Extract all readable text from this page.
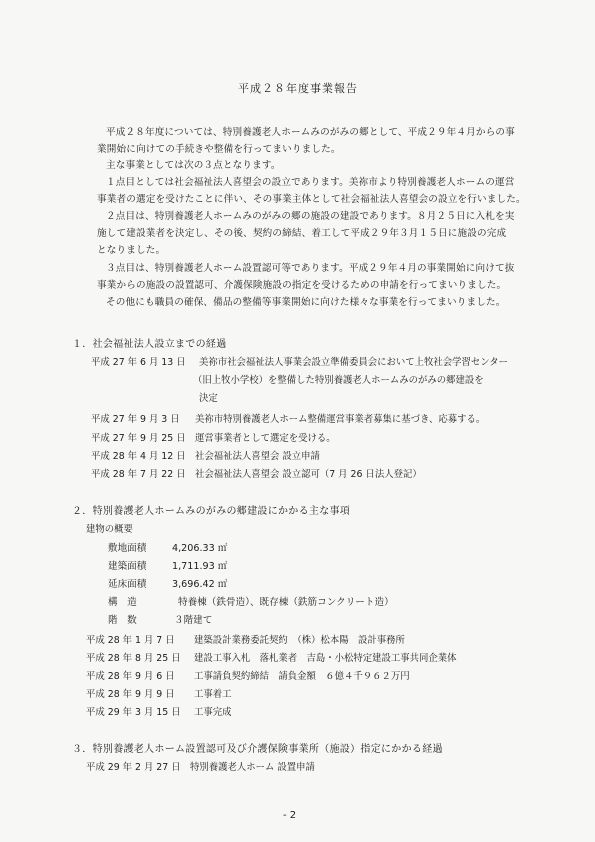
平成２８年度事業報告
平成２８年度については、特別養護老人ホームみのがみの郷として、平成２９年４月からの事
業開始に向けての手続きや整備を行ってまいりました。
主な事業としては次の３点となります。
１点目としては社会福祉法人喜望会の設立であります。美祢市より特別養護老人ホームの運営
事業者の選定を受けたことに伴い、その事業主体として社会福祉法人喜望会の設立を行いました。
２点目は、特別養護老人ホームみのがみの郷の施設の建設であります。８月２５日に入札を実
施して建設業者を決定し、その後、契約の締結、着工して平成２９年３月１５日に施設の完成
となりました。
３点目は、特別養護老人ホーム設置認可等であります。平成２９年４月の事業開始に向けて抜
事業からの施設の設置認可、介護保険施設の指定を受けるための申請を行ってまいりました。
その他にも職員の確保、備品の整備等事業開始に向けた様々な事業を行ってまいりました。
１．社会福祉法人設立までの経過
平成 27 年 6 月 13 日 美祢市社会福祉法人事業会設立準備委員会において上牧社会学習センター
（旧上牧小学校）を整備した特別養護老人ホームみのがみの郷建設を
決定
平成 27 年 9 月 3 日 美祢市特別養護老人ホーム整備運営事業者募集に基づき、応募する。
平成 27 年 9 月 25 日 運営事業者として選定を受ける。
平成 28 年 4 月 12 日 社会福祉法人喜望会 設立申請
平成 28 年 7 月 22 日 社会福祉法人喜望会 設立認可（7 月 26 日法人登記）
２．特別養護老人ホームみのがみの郷建設にかかる主な事項
建物の概要
敷地面積	4,206.33 ㎡
建築面積	1,711.93 ㎡
延床面積	3,696.42 ㎡
構　造	特養棟（鉄骨造）、既存棟（鉄筋コンクリート造）
階　数	３階建て
平成 28 年 1 月 7 日 建築設計業務委託契約　（株）松本陽　設計事務所
平成 28 年 8 月 25 日 建設工事入札　落札業者　吉島・小松特定建設工事共同企業体
平成 28 年 9 月 6 日 工事請負契約締結　請負金額　６億４千９６２万円
平成 28 年 9 月 9 日 工事着工
平成 29 年 3 月 15 日 工事完成
３．特別養護老人ホーム設置認可及び介護保険事業所（施設）指定にかかる経過
平成 29 年 2 月 27 日 特別養護老人ホーム 設置申請
- 2
